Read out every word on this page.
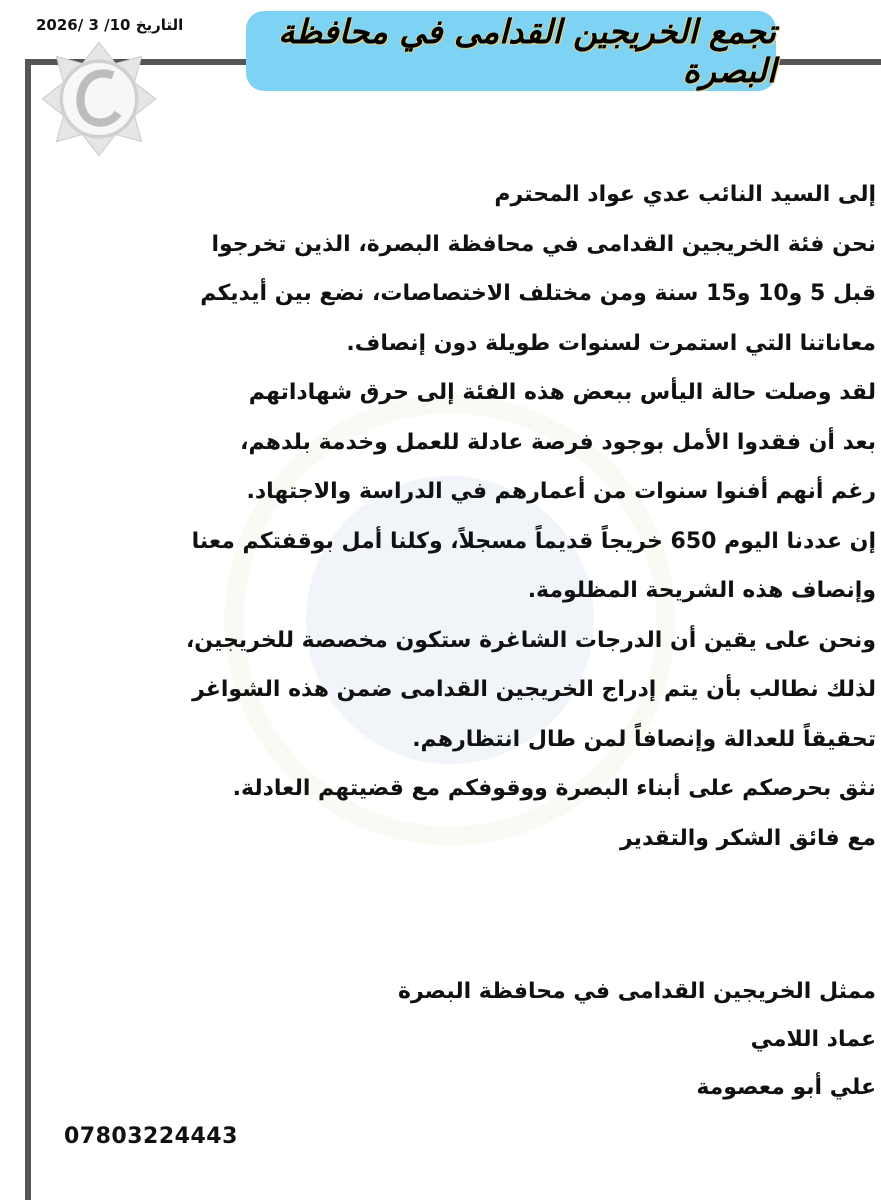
التاريخ 2026/ 3 /10	تجمع الخريجين القدامى في محافظة البصرة
إلى السيد النائب عدي عواد المحترم
نحن فئة الخريجين القدامى في محافظة البصرة، الذين تخرجوا
قبل 5 و10 و15 سنة ومن مختلف الاختصاصات، نضع بين أيديكم
معاناتنا التي استمرت لسنوات طويلة دون إنصاف.
لقد وصلت حالة اليأس ببعض هذه الفئة إلى حرق شهاداتهم
بعد أن فقدوا الأمل بوجود فرصة عادلة للعمل وخدمة بلدهم،
رغم أنهم أفنوا سنوات من أعمارهم في الدراسة والاجتهاد.
إن عددنا اليوم 650 خريجاً قديماً مسجلاً، وكلنا أمل بوقفتكم معنا
وإنصاف هذه الشريحة المظلومة.
ونحن على يقين أن الدرجات الشاغرة ستكون مخصصة للخريجين،
لذلك نطالب بأن يتم إدراج الخريجين القدامى ضمن هذه الشواغر
تحقيقاً للعدالة وإنصافاً لمن طال انتظارهم.
نثق بحرصكم على أبناء البصرة ووقوفكم مع قضيتهم العادلة.
مع فائق الشكر والتقدير
ممثل الخريجين القدامى في محافظة البصرة
عماد اللامي
علي أبو معصومة
07803224443
